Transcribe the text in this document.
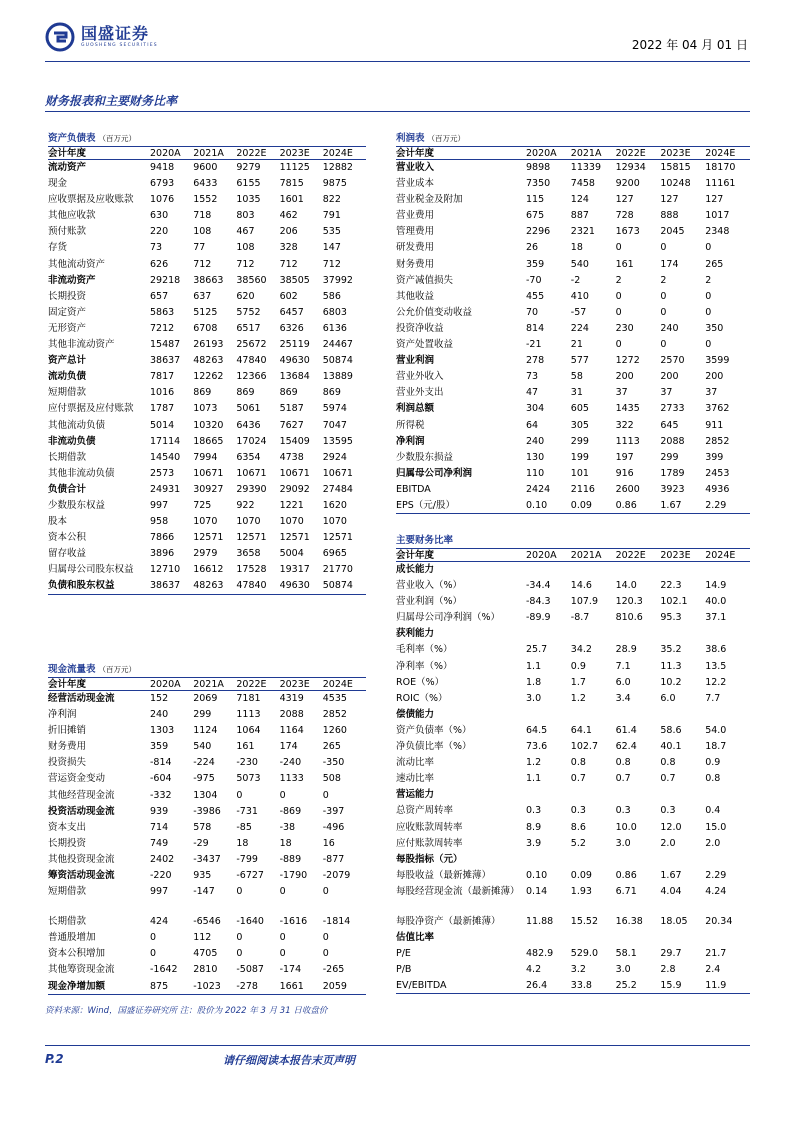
国盛证券
GUOSHENG SECURITIES	2022 年 04 月 01 日
财务报表和主要财务比率
资产负债表 （百万元）
会计年度	2020A	2021A	2022E	2023E	2024E
流动资产	9418	9600	9279	11125	12882
现金	6793	6433	6155	7815	9875
应收票据及应收账款	1076	1552	1035	1601	822
其他应收款	630	718	803	462	791
预付账款	220	108	467	206	535
存货	73	77	108	328	147
其他流动资产	626	712	712	712	712
非流动资产	29218	38663	38560	38505	37992
长期投资	657	637	620	602	586
固定资产	5863	5125	5752	6457	6803
无形资产	7212	6708	6517	6326	6136
其他非流动资产	15487	26193	25672	25119	24467
资产总计	38637	48263	47840	49630	50874
流动负债	7817	12262	12366	13684	13889
短期借款	1016	869	869	869	869
应付票据及应付账款	1787	1073	5061	5187	5974
其他流动负债	5014	10320	6436	7627	7047
非流动负债	17114	18665	17024	15409	13595
长期借款	14540	7994	6354	4738	2924
其他非流动负债	2573	10671	10671	10671	10671
负债合计	24931	30927	29390	29092	27484
少数股东权益	997	725	922	1221	1620
股本	958	1070	1070	1070	1070
资本公积	7866	12571	12571	12571	12571
留存收益	3896	2979	3658	5004	6965
归属母公司股东权益	12710	16612	17528	19317	21770
负债和股东权益	38637	48263	47840	49630	50874
利润表 （百万元）
会计年度	2020A	2021A	2022E	2023E	2024E
营业收入	9898	11339	12934	15815	18170
营业成本	7350	7458	9200	10248	11161
营业税金及附加	115	124	127	127	127
营业费用	675	887	728	888	1017
管理费用	2296	2321	1673	2045	2348
研发费用	26	18	0	0	0
财务费用	359	540	161	174	265
资产减值损失	-70	-2	2	2	2
其他收益	455	410	0	0	0
公允价值变动收益	70	-57	0	0	0
投资净收益	814	224	230	240	350
资产处置收益	-21	21	0	0	0
营业利润	278	577	1272	2570	3599
营业外收入	73	58	200	200	200
营业外支出	47	31	37	37	37
利润总额	304	605	1435	2733	3762
所得税	64	305	322	645	911
净利润	240	299	1113	2088	2852
少数股东损益	130	199	197	299	399
归属母公司净利润	110	101	916	1789	2453
EBITDA	2424	2116	2600	3923	4936
EPS（元/股）	0.10	0.09	0.86	1.67	2.29
主要财务比率
会计年度	2020A	2021A	2022E	2023E	2024E
成长能力
营业收入（%）	-34.4	14.6	14.0	22.3	14.9
营业利润（%）	-84.3	107.9	120.3	102.1	40.0
归属母公司净利润（%）	-89.9	-8.7	810.6	95.3	37.1
获利能力
毛利率（%）	25.7	34.2	28.9	35.2	38.6
净利率（%）	1.1	0.9	7.1	11.3	13.5
ROE（%）	1.8	1.7	6.0	10.2	12.2
ROIC（%）	3.0	1.2	3.4	6.0	7.7
偿债能力
资产负债率（%）	64.5	64.1	61.4	58.6	54.0
净负债比率（%）	73.6	102.7	62.4	40.1	18.7
流动比率	1.2	0.8	0.8	0.8	0.9
速动比率	1.1	0.7	0.7	0.7	0.8
营运能力
总资产周转率	0.3	0.3	0.3	0.3	0.4
应收账款周转率	8.9	8.6	10.0	12.0	15.0
应付账款周转率	3.9	5.2	3.0	2.0	2.0
每股指标（元）
每股收益（最新摊薄）	0.10	0.09	0.86	1.67	2.29
每股经营现金流（最新摊薄） 0.14	1.93	6.71	4.04	4.24
每股净资产（最新摊薄）	11.88	15.52	16.38	18.05	20.34
估值比率
P/E	482.9	529.0	58.1	29.7	21.7
P/B	4.2	3.2	3.0	2.8	2.4
EV/EBITDA	26.4	33.8	25.2	15.9	11.9
现金流量表 （百万元）
会计年度	2020A	2021A	2022E	2023E	2024E
经营活动现金流	152	2069	7181	4319	4535
净利润	240	299	1113	2088	2852
折旧摊销	1303	1124	1064	1164	1260
财务费用	359	540	161	174	265
投资损失	-814	-224	-230	-240	-350
营运资金变动	-604	-975	5073	1133	508
其他经营现金流	-332	1304	0	0	0
投资活动现金流	939	-3986	-731	-869	-397
资本支出	714	578	-85	-38	-496
长期投资	749	-29	18	18	16
其他投资现金流	2402	-3437	-799	-889	-877
筹资活动现金流	-220	935	-6727	-1790	-2079
短期借款	997	-147	0	0	0
长期借款	424	-6546	-1640	-1616	-1814
普通股增加	0	112	0	0	0
资本公积增加	0	4705	0	0	0
其他筹资现金流	-1642	2810	-5087	-174	-265
现金净增加额	875	-1023	-278	1661	2059
资料来源：Wind，国盛证券研究所 注：股价为 2022 年 3 月 31 日收盘价
P.2	请仔细阅读本报告末页声明
